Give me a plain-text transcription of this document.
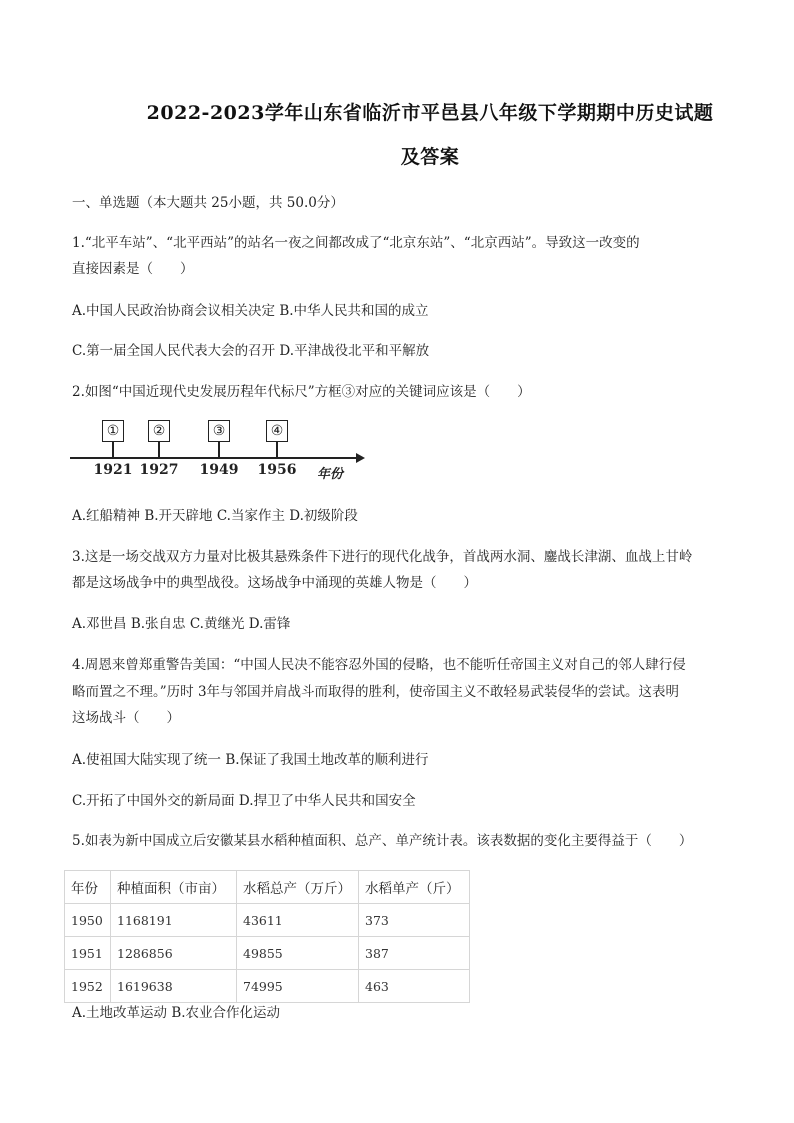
2022-2023学年山东省临沂市平邑县八年级下学期期中历史试题
及答案
一、单选题（本大题共 25小题，共 50.0分）
1.“北平车站”、“北平西站”的站名一夜之间都改成了“北京东站”、“北京西站”。导致这一改变的
直接因素是（　　）
A.中国人民政治协商会议相关决定 B.中华人民共和国的成立
C.第一届全国人民代表大会的召开 D.平津战役北平和平解放
2.如图“中国近现代史发展历程年代标尺”方框③对应的关键词应该是（　　）
①	②	③	④
1921 1927 1949 1956 年份
A.红船精神 B.开天辟地 C.当家作主 D.初级阶段
3.这是一场交战双方力量对比极其悬殊条件下进行的现代化战争，首战两水洞、鏖战长津湖、血战上甘岭
都是这场战争中的典型战役。这场战争中涌现的英雄人物是（　　）
A.邓世昌 B.张自忠 C.黄继光 D.雷锋
4.周恩来曾郑重警告美国：“中国人民决不能容忍外国的侵略，也不能听任帝国主义对自己的邻人肆行侵
略而置之不理。”历时 3年与邻国并肩战斗而取得的胜利，使帝国主义不敢轻易武装侵华的尝试。这表明
这场战斗（　　）
A.使祖国大陆实现了统一 B.保证了我国土地改革的顺利进行
C.开拓了中国外交的新局面 D.捍卫了中华人民共和国安全
5.如表为新中国成立后安徽某县水稻种植面积、总产、单产统计表。该表数据的变化主要得益于（　　）
年份	种植面积（市亩）	水稻总产（万斤）	水稻单产（斤）
1950	1168191	43611	373
1951	1286856	49855	387
1952	1619638	74995	463
A.土地改革运动 B.农业合作化运动
